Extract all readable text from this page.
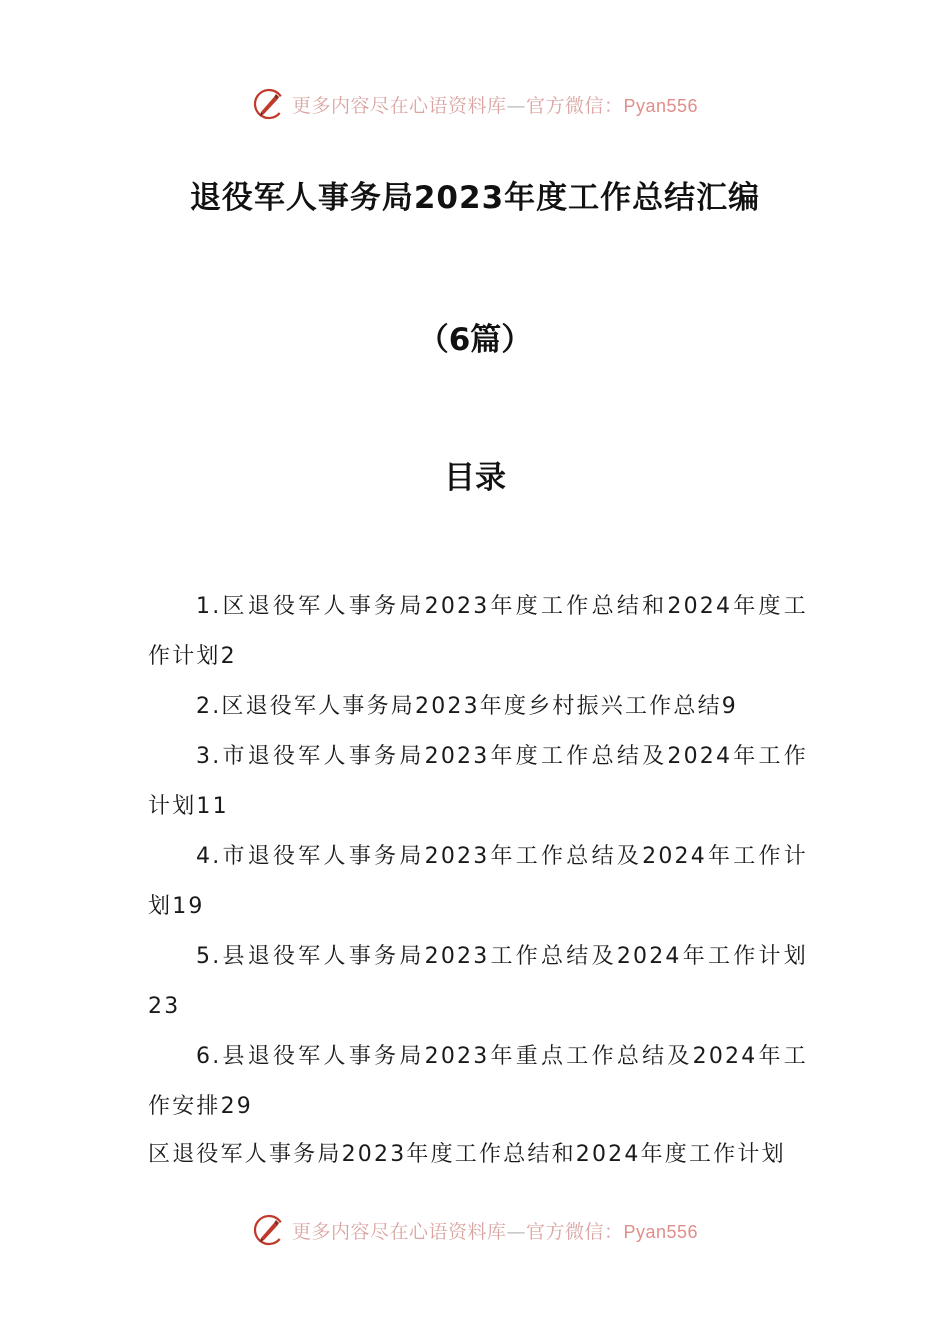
更多内容尽在心语资料库—官方微信：Pyan556
退役军人事务局2023年度工作总结汇编
（6篇）
目录
1.区退役军人事务局2023年度工作总结和2024年度工作计划2
2.区退役军人事务局2023年度乡村振兴工作总结9
3.市退役军人事务局2023年度工作总结及2024年工作计划11
4.市退役军人事务局2023年工作总结及2024年工作计划19
5.县退役军人事务局2023工作总结及2024年工作计划23
6.县退役军人事务局2023年重点工作总结及2024年工作安排29

区退役军人事务局2023年度工作总结和2024年度工作计划

更多内容尽在心语资料库—官方微信：Pyan556
